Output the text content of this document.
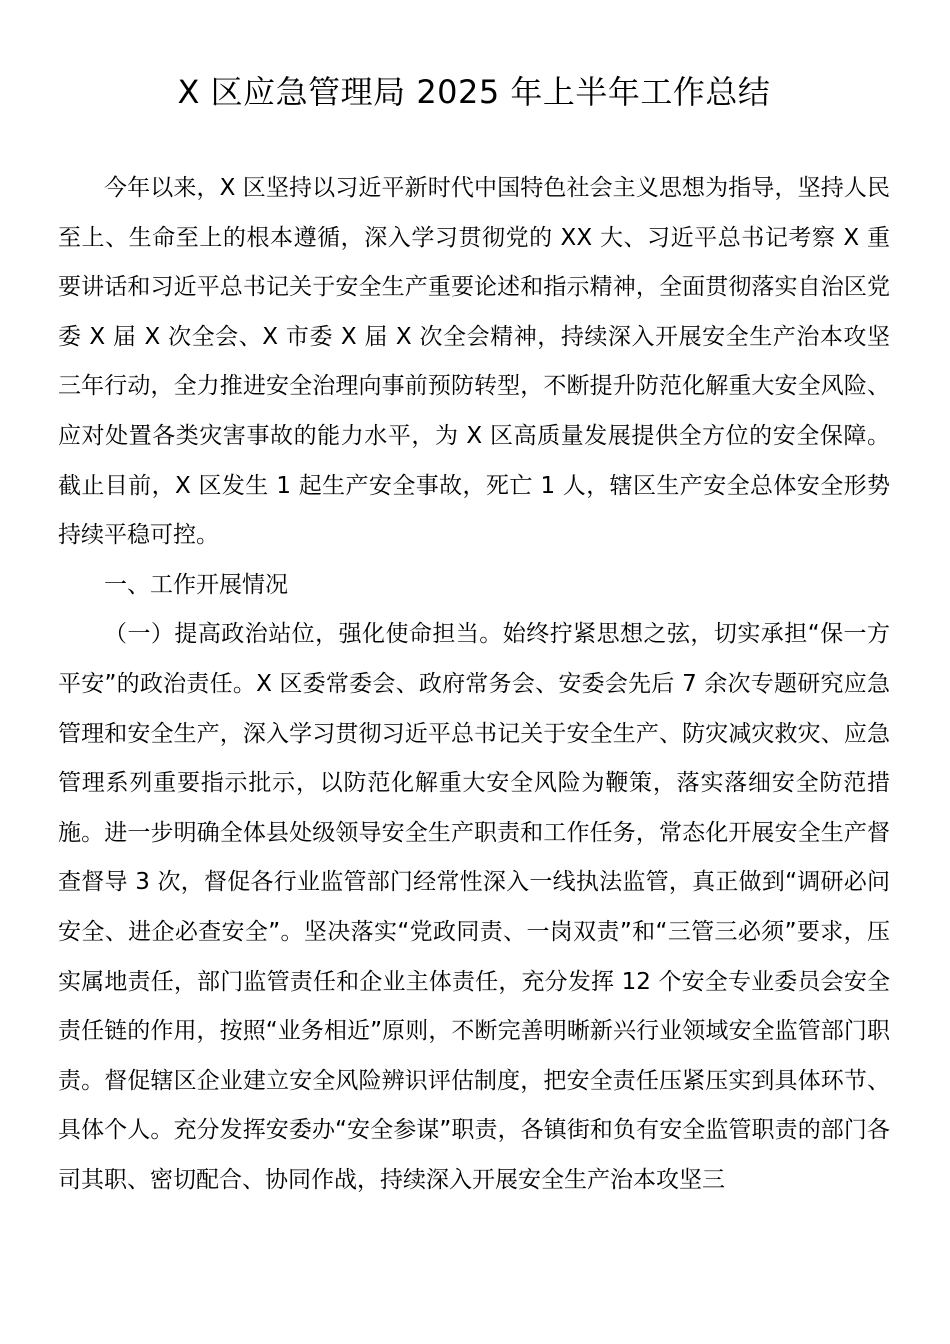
X 区应急管理局 2025 年上半年工作总结

今年以来，X 区坚持以习近平新时代中国特色社会主义思想为指导，坚持人民至上、生命至上的根本遵循，深入学习贯彻党的 XX 大、习近平总书记考察 X 重要讲话和习近平总书记关于安全生产重要论述和指示精神，全面贯彻落实自治区党委 X 届 X 次全会、X 市委 X 届 X 次全会精神，持续深入开展安全生产治本攻坚三年行动，全力推进安全治理向事前预防转型，不断提升防范化解重大安全风险、应对处置各类灾害事故的能力水平，为 X 区高质量发展提供全方位的安全保障。截止目前，X 区发生 1 起生产安全事故，死亡 1 人，辖区生产安全总体安全形势持续平稳可控。

一、工作开展情况

（一）提高政治站位，强化使命担当。始终拧紧思想之弦，切实承担“保一方平安”的政治责任。X 区委常委会、政府常务会、安委会先后 7 余次专题研究应急管理和安全生产，深入学习贯彻习近平总书记关于安全生产、防灾减灾救灾、应急管理系列重要指示批示，以防范化解重大安全风险为鞭策，落实落细安全防范措施。进一步明确全体县处级领导安全生产职责和工作任务，常态化开展安全生产督查督导 3 次，督促各行业监管部门经常性深入一线执法监管，真正做到“调研必问安全、进企必查安全”。坚决落实“党政同责、一岗双责”和“三管三必须”要求，压实属地责任，部门监管责任和企业主体责任，充分发挥 12 个安全专业委员会安全责任链的作用，按照“业务相近”原则，不断完善明晰新兴行业领域安全监管部门职责。督促辖区企业建立安全风险辨识评估制度，把安全责任压紧压实到具体环节、具体个人。充分发挥安委办“安全参谋”职责，各镇街和负有安全监管职责的部门各司其职、密切配合、协同作战，持续深入开展安全生产治本攻坚三
